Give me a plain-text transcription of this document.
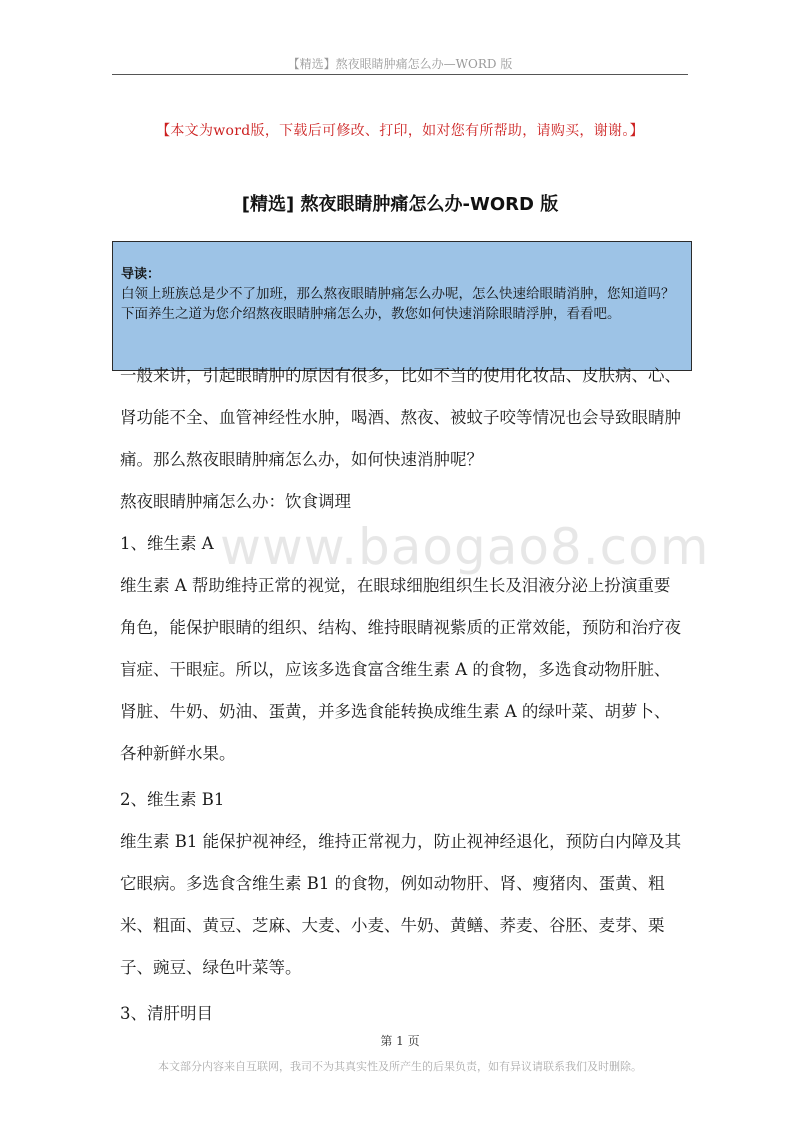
【精选】熬夜眼睛肿痛怎么办—WORD 版
【本文为word版，下载后可修改、打印，如对您有所帮助，请购买，谢谢。】
[精选] 熬夜眼睛肿痛怎么办-WORD 版
导读：
白领上班族总是少不了加班，那么熬夜眼睛肿痛怎么办呢，怎么快速给眼睛消肿，您知道吗？下面养生之道为您介绍熬夜眼睛肿痛怎么办，教您如何快速消除眼睛浮肿，看看吧。

一般来讲，引起眼睛肿的原因有很多，比如不当的使用化妆品、皮肤病、心、肾功能不全、血管神经性水肿，喝酒、熬夜、被蚊子咬等情况也会导致眼睛肿痛。那么熬夜眼睛肿痛怎么办，如何快速消肿呢？

熬夜眼睛肿痛怎么办：饮食调理

1、维生素 A

维生素 A 帮助维持正常的视觉，在眼球细胞组织生长及泪液分泌上扮演重要角色，能保护眼睛的组织、结构、维持眼睛视紫质的正常效能，预防和治疗夜盲症、干眼症。所以，应该多选食富含维生素 A 的食物，多选食动物肝脏、肾脏、牛奶、奶油、蛋黄，并多选食能转换成维生素 A 的绿叶菜、胡萝卜、各种新鲜水果。

2、维生素 B1

维生素 B1 能保护视神经，维持正常视力，防止视神经退化，预防白内障及其它眼病。多选食含维生素 B1 的食物，例如动物肝、肾、瘦猪肉、蛋黄、粗米、粗面、黄豆、芝麻、大麦、小麦、牛奶、黄鳝、荞麦、谷胚、麦芽、栗子、豌豆、绿色叶菜等。

3、清肝明目

www.baogao8.com
第 1 页
本文部分内容来自互联网，我司不为其真实性及所产生的后果负责，如有异议请联系我们及时删除。
